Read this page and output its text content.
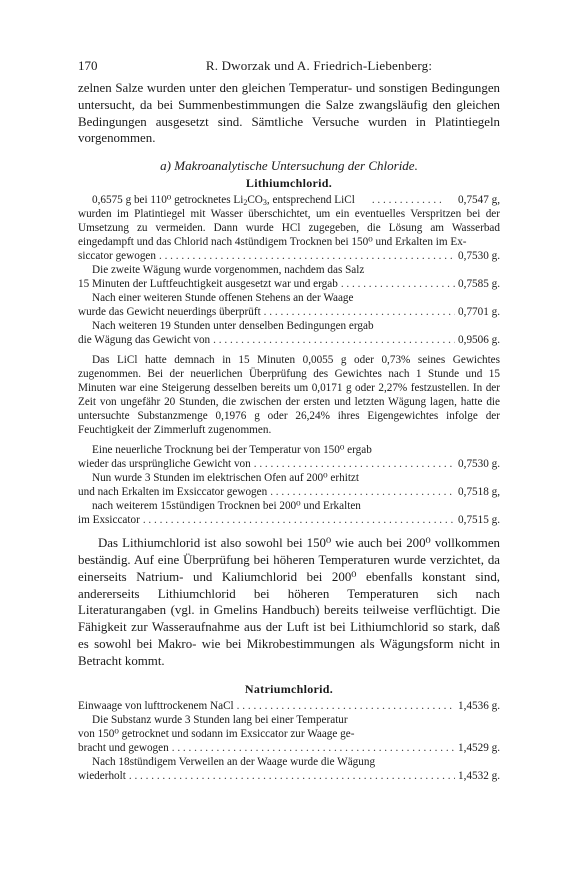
170	R. Dworzak und A. Friedrich-Liebenberg:

zelnen Salze wurden unter den gleichen Temperatur- und sonstigen Bedingungen untersucht, da bei Summenbestimmungen die Salze zwangsläufig den gleichen Bedingungen ausgesetzt sind. Sämtliche Versuche wurden in Platintiegeln vorgenommen.

a) Makroanalytische Untersuchung der Chloride.
Lithiumchlorid.
0,6575 g bei 110⁰ getrocknetes $Li_2CO_3$, entsprechend LiCl . . .	0,7547 g,

wurden im Platintiegel mit Wasser überschichtet, um ein eventuelles Verspritzen bei der Umsetzung zu vermeiden. Dann wurde HCl zugegeben, die Lösung am Wasserbad eingedampft und das Chlorid nach 4stündigem Trocknen bei 150⁰ und Erkalten im Ex-

siccator gewogen . . .	0,7530 g.

Die zweite Wägung wurde vorgenommen, nachdem das Salz

15 Minuten der Luftfeuchtigkeit ausgesetzt war und ergab . . .	0,7585 g.

Nach einer weiteren Stunde offenen Stehens an der Waage

wurde das Gewicht neuerdings überprüft . . .	0,7701 g.

Nach weiteren 19 Stunden unter denselben Bedingungen ergab

die Wägung das Gewicht von . . .	0,9506 g.

Das LiCl hatte demnach in 15 Minuten 0,0055 g oder 0,73% seines Gewichtes zugenommen. Bei der neuerlichen Überprüfung des Gewichtes nach 1 Stunde und 15 Minuten war eine Steigerung desselben bereits um 0,0171 g oder 2,27% festzustellen. In der Zeit von ungefähr 20 Stunden, die zwischen der ersten und letzten Wägung lagen, hatte die untersuchte Substanzmenge 0,1976 g oder 26,24% ihres Eigengewichtes infolge der Feuchtigkeit der Zimmerluft zugenommen.

Eine neuerliche Trocknung bei der Temperatur von 150⁰ ergab

wieder das ursprüngliche Gewicht von . . .	0,7530 g.

Nun wurde 3 Stunden im elektrischen Ofen auf 200⁰ erhitzt

und nach Erkalten im Exsiccator gewogen . . .	0,7518 g,

nach weiterem 15stündigen Trocknen bei 200⁰ und Erkalten

im Exsiccator . . .	0,7515 g.

Das Lithiumchlorid ist also sowohl bei 150⁰ wie auch bei 200⁰ vollkommen beständig. Auf eine Überprüfung bei höheren Temperaturen wurde verzichtet, da einerseits Natrium- und Kaliumchlorid bei 200⁰ ebenfalls konstant sind, andererseits Lithiumchlorid bei höheren Temperaturen sich nach Literaturangaben (vgl. in Gmelins Handbuch) bereits teilweise verflüchtigt. Die Fähigkeit zur Wasseraufnahme aus der Luft ist bei Lithiumchlorid so stark, daß es sowohl bei Makro- wie bei Mikrobestimmungen als Wägungsform nicht in Betracht kommt.

Natriumchlorid.
Einwaage von lufttrockenem NaCl . . .	1,4536 g.

Die Substanz wurde 3 Stunden lang bei einer Temperatur

von 150⁰ getrocknet und sodann im Exsiccator zur Waage ge-

bracht und gewogen . . .	1,4529 g.

Nach 18stündigem Verweilen an der Waage wurde die Wägung

wiederholt . . .	1,4532 g.
